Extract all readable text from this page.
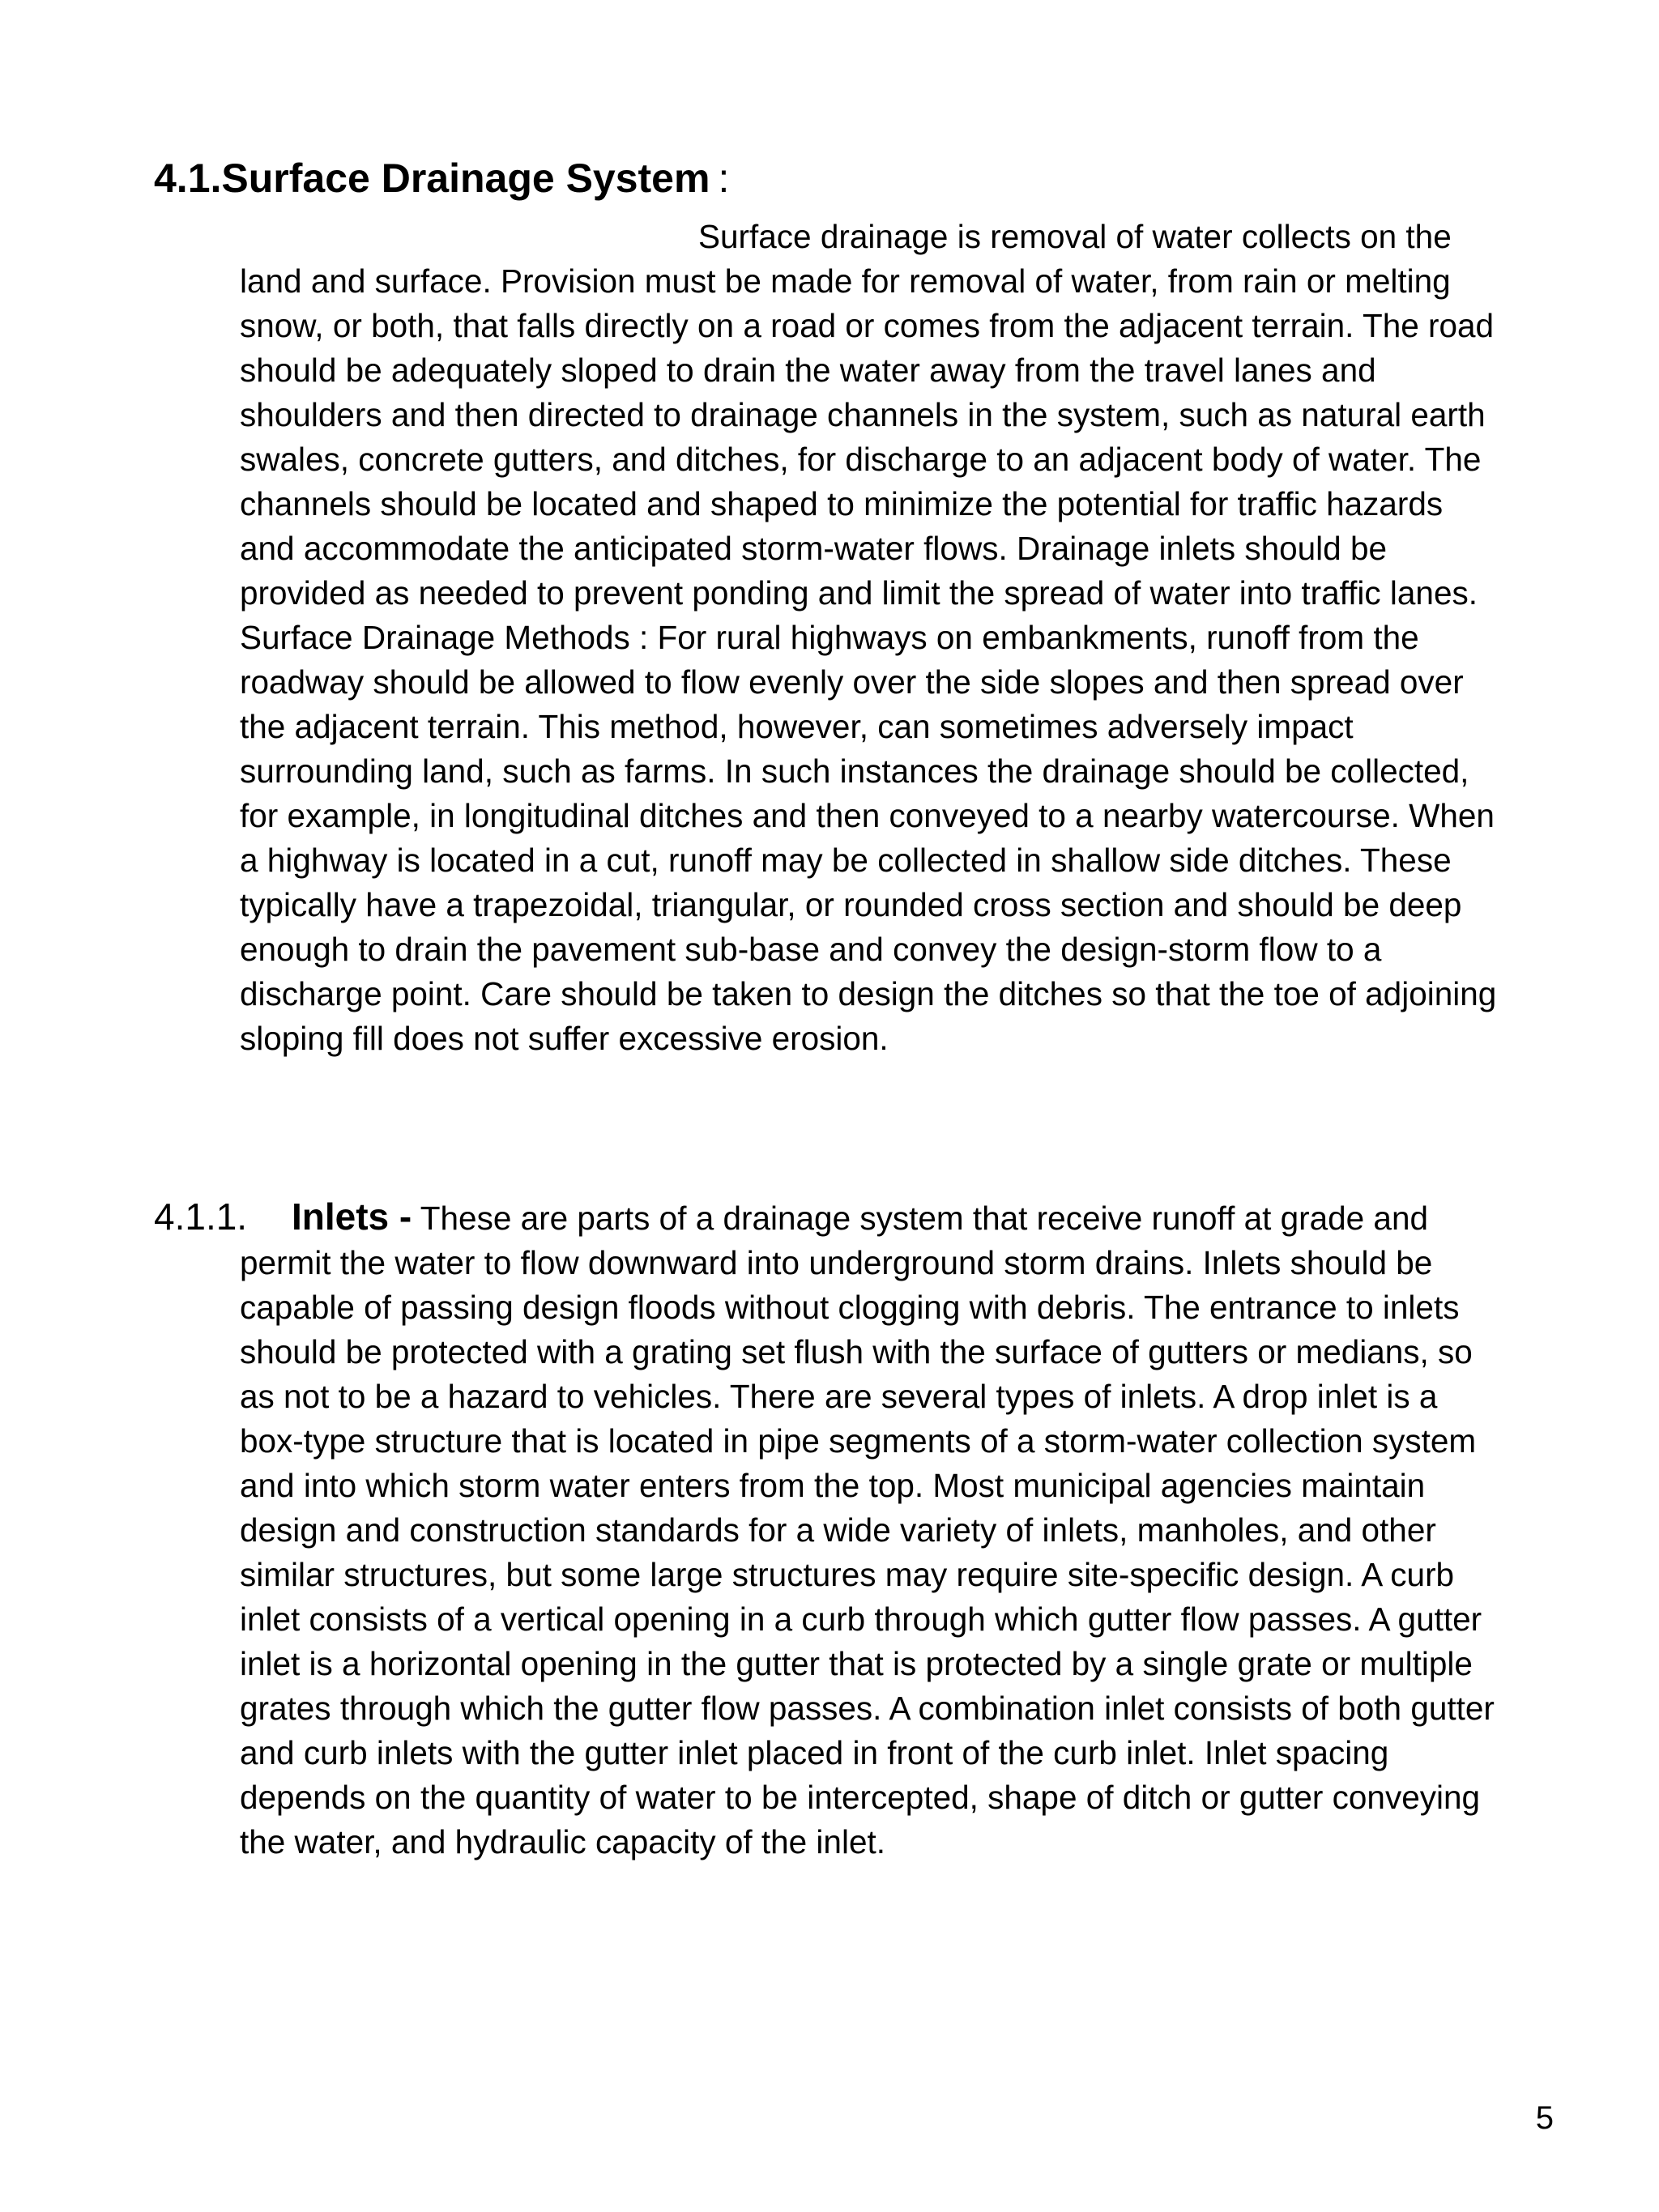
4.1.Surface Drainage System :

Surface drainage is removal of water collects on the land and surface. Provision must be made for removal of water, from rain or melting snow, or both, that falls directly on a road or comes from the adjacent terrain. The road should be adequately sloped to drain the water away from the travel lanes and shoulders and then directed to drainage channels in the system, such as natural earth swales, concrete gutters, and ditches, for discharge to an adjacent body of water. The channels should be located and shaped to minimize the potential for traffic hazards and accommodate the anticipated storm-water flows. Drainage inlets should be provided as needed to prevent ponding and limit the spread of water into traffic lanes. Surface Drainage Methods : For rural highways on embankments, runoff from the roadway should be allowed to flow evenly over the side slopes and then spread over the adjacent terrain. This method, however, can sometimes adversely impact surrounding land, such as farms. In such instances the drainage should be collected, for example, in longitudinal ditches and then conveyed to a nearby watercourse. When a highway is located in a cut, runoff may be collected in shallow side ditches. These typically have a trapezoidal, triangular, or rounded cross section and should be deep enough to drain the pavement sub-base and convey the design-storm flow to a discharge point. Care should be taken to design the ditches so that the toe of adjoining sloping fill does not suffer excessive erosion.

4.1.1. Inlets - These are parts of a drainage system that receive runoff at grade and

permit the water to flow downward into underground storm drains. Inlets should be capable of passing design floods without clogging with debris. The entrance to inlets should be protected with a grating set flush with the surface of gutters or medians, so as not to be a hazard to vehicles. There are several types of inlets. A drop inlet is a box-type structure that is located in pipe segments of a storm-water collection system and into which storm water enters from the top. Most municipal agencies maintain design and construction standards for a wide variety of inlets, manholes, and other similar structures, but some large structures may require site-specific design. A curb inlet consists of a vertical opening in a curb through which gutter flow passes. A gutter inlet is a horizontal opening in the gutter that is protected by a single grate or multiple grates through which the gutter flow passes. A combination inlet consists of both gutter and curb inlets with the gutter inlet placed in front of the curb inlet. Inlet spacing depends on the quantity of water to be intercepted, shape of ditch or gutter conveying the water, and hydraulic capacity of the inlet.

5
